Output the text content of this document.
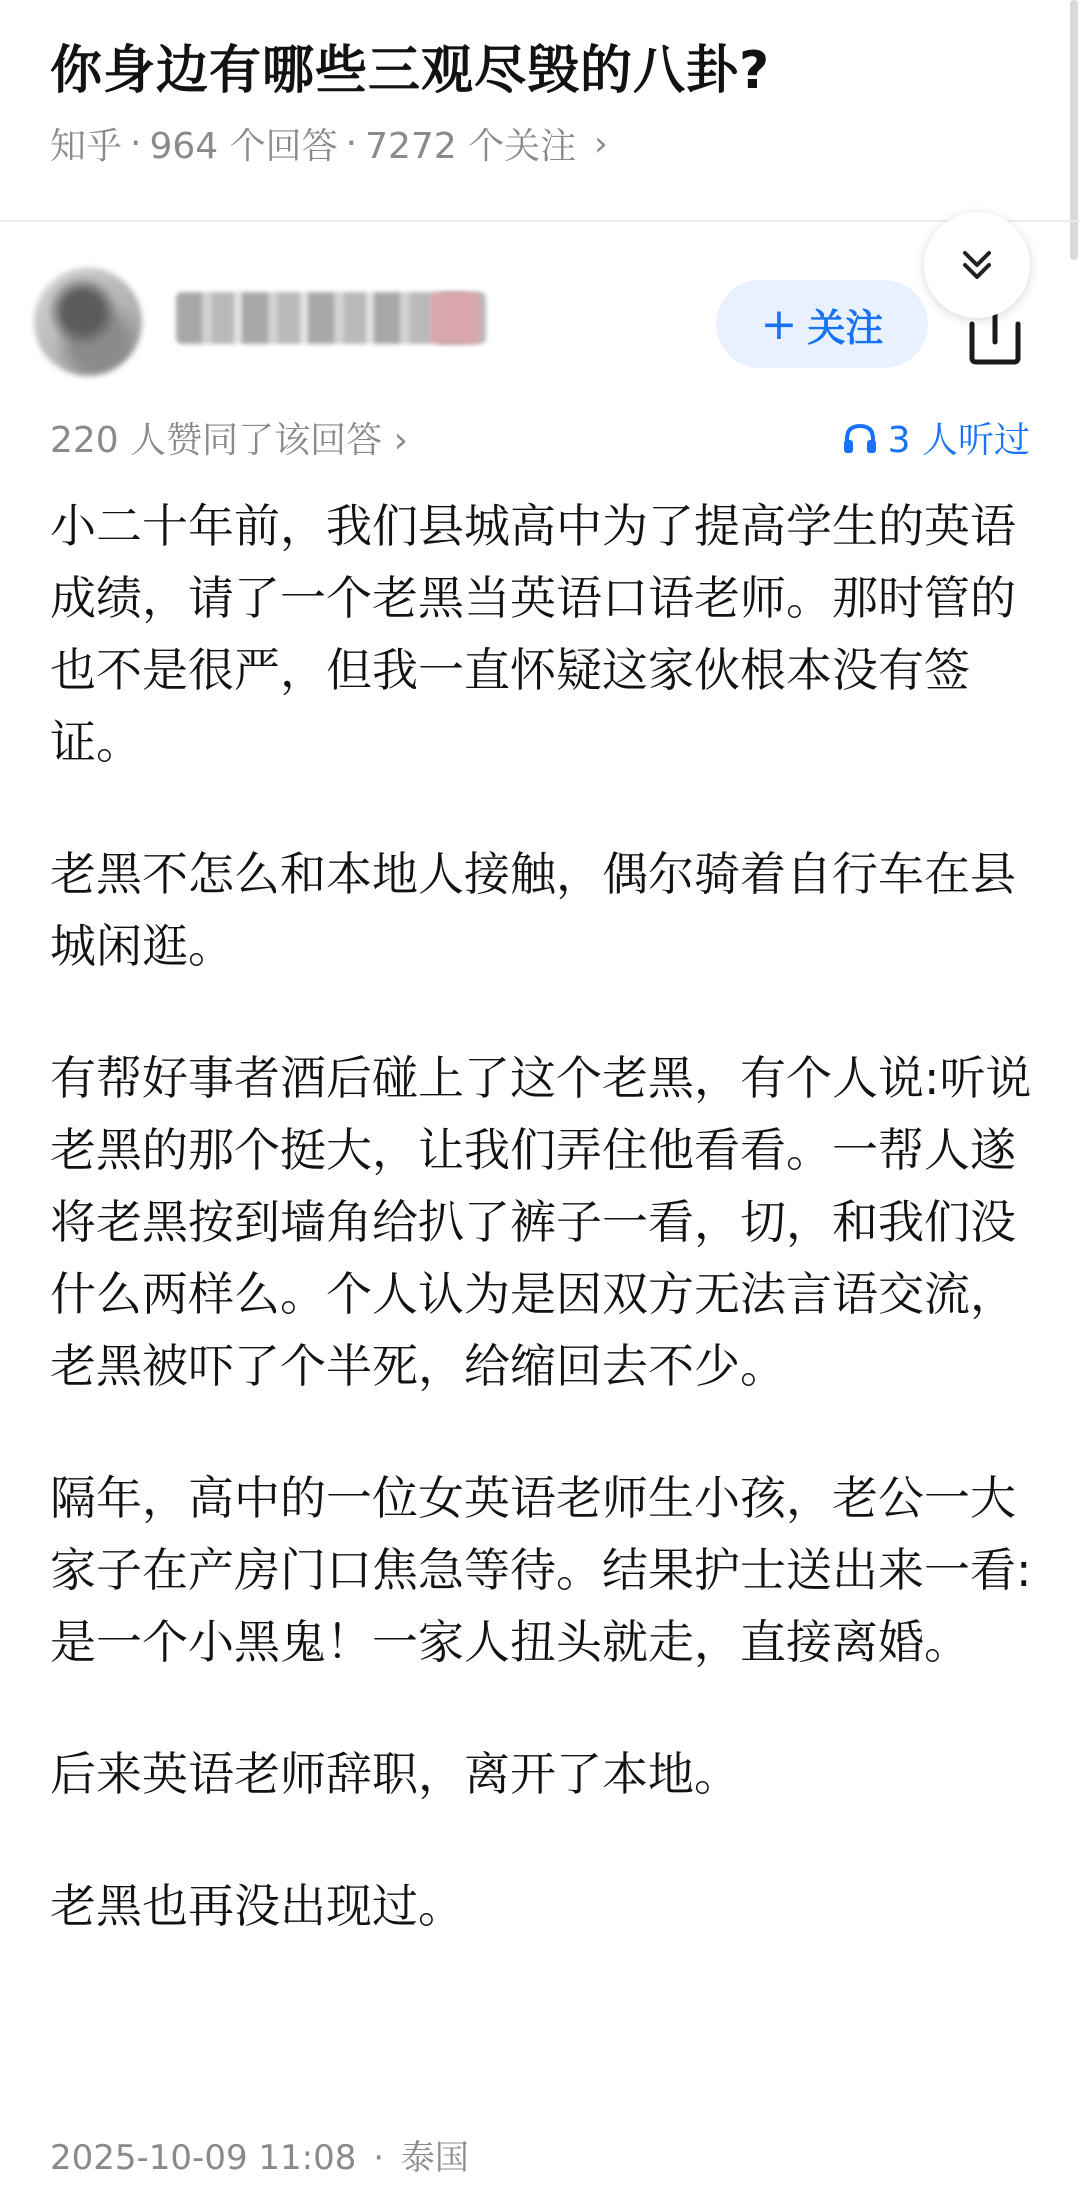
你身边有哪些三观尽毁的八卦?
知乎 · 964 个回答 · 7272 个关注 ›
+ 关注
220 人赞同了该回答 ›	3 人听过

小二十年前，我们县城高中为了提高学生的英语成绩，请了一个老黑当英语口语老师。那时管的也不是很严，但我一直怀疑这家伙根本没有签证。

老黑不怎么和本地人接触，偶尔骑着自行车在县城闲逛。

有帮好事者酒后碰上了这个老黑，有个人说:听说老黑的那个挺大，让我们弄住他看看。一帮人遂将老黑按到墙角给扒了裤子一看，切，和我们没什么两样么。个人认为是因双方无法言语交流，老黑被吓了个半死，给缩回去不少。

隔年，高中的一位女英语老师生小孩，老公一大家子在产房门口焦急等待。结果护士送出来一看:是一个小黑鬼！一家人扭头就走，直接离婚。

后来英语老师辞职，离开了本地。

老黑也再没出现过。

2025-10-09 11:08 · 泰国
